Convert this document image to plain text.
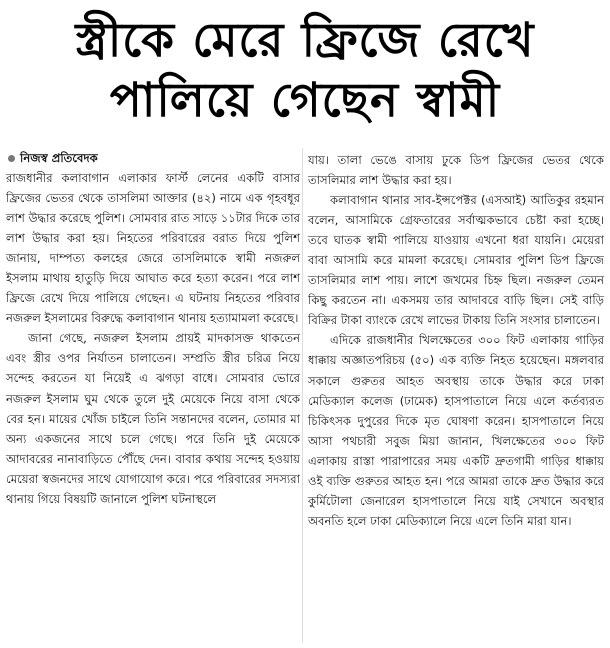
স্ত্রীকে মেরে ফ্রিজে রেখে
পালিয়ে গেছেন স্বামী
নিজস্ব প্রতিবেদক

রাজধানীর কলাবাগান এলাকার ফার্স্ট লেনের একটি বাসার ফ্রিজের ভেতর থেকে তাসলিমা আক্তার (৪২) নামে এক গৃহবধূর লাশ উদ্ধার করেছে পুলিশ। সোমবার রাত সাড়ে ১১টার দিকে তার লাশ উদ্ধার করা হয়। নিহতের পরিবারের বরাত দিয়ে পুলিশ জানায়, দাম্পত্য কলহের জেরে তাসলিমাকে স্বামী নজরুল ইসলাম মাথায় হাতুড়ি দিয়ে আঘাত করে হত্যা করেন। পরে লাশ ফ্রিজে রেখে দিয়ে পালিয়ে গেছেন। এ ঘটনায় নিহতের পরিবার নজরুল ইসলামের বিরুদ্ধে কলাবাগান থানায় হত্যামামলা করেছে।

জানা গেছে, নজরুল ইসলাম প্রায়ই মাদকাসক্ত থাকতেন এবং স্ত্রীর ওপর নির্যাতন চালাতেন। সম্প্রতি স্ত্রীর চরিত্র নিয়ে সন্দেহ করতেন যা নিয়েই এ ঝগড়া বাধে। সোমবার ভোরে নজরুল ইসলাম ঘুম থেকে তুলে দুই মেয়েকে নিয়ে বাসা থেকে বের হন। মায়ের খোঁজ চাইলে তিনি সন্তানদের বলেন, তোমার মা অন্য একজনের সাথে চলে গেছে। পরে তিনি দুই মেয়েকে আদাবরের নানাবাড়িতে পৌঁছে দেন। বাবার কথায় সন্দেহ হওয়ায় মেয়েরা স্বজনদের সাথে যোগাযোগ করে। পরে পরিবারের সদস্যরা থানায় গিয়ে বিষয়টি জানালে পুলিশ ঘটনাস্থলে

যায়। তালা ভেঙে বাসায় ঢুকে ডিপ ফ্রিজের ভেতর থেকে তাসলিমার লাশ উদ্ধার করা হয়।

কলাবাগান থানার সাব-ইন্সপেক্টর (এসআই) আতিকুর রহমান বলেন, আসামিকে গ্রেফতারের সর্বাত্মকভাবে চেষ্টা করা হচ্ছে। তবে ঘাতক স্বামী পালিয়ে যাওয়ায় এখনো ধরা যায়নি। মেয়েরা বাবা আসামি করে মামলা করেছে। সোমবার পুলিশ ডিপ ফ্রিজে তাসলিমার লাশ পায়। লাশে জখমের চিহ্ন ছিল। নজরুল তেমন কিছু করতেন না। একসময় তার আদাবরে বাড়ি ছিল। সেই বাড়ি বিক্রির টাকা ব্যাংকে রেখে লাভের টাকায় তিনি সংসার চালাতেন।

এদিকে রাজধানীর খিলক্ষেতের ৩০০ ফিট এলাকায় গাড়ির ধাক্কায় অজ্ঞাতপরিচয় (৫০) এক ব্যক্তি নিহত হয়েছেন। মঙ্গলবার সকালে গুরুতর আহত অবস্থায় তাকে উদ্ধার করে ঢাকা মেডিক্যাল কলেজ (ঢামেক) হাসপাতালে নিয়ে এলে কর্তব্যরত চিকিৎসক দুপুরের দিকে মৃত ঘোষণা করেন। হাসপাতালে নিয়ে আসা পথচারী সবুজ মিয়া জানান, খিলক্ষেতের ৩০০ ফিট এলাকায় রাস্তা পারাপারের সময় একটি দ্রুতগামী গাড়ির ধাক্কায় ওই ব্যক্তি গুরুতর আহত হন। পরে আমরা তাকে দ্রুত উদ্ধার করে কুর্মিটোলা জেনারেল হাসপাতালে নিয়ে যাই সেখানে অবস্থার অবনতি হলে ঢাকা মেডিক্যালে নিয়ে এলে তিনি মারা যান।
